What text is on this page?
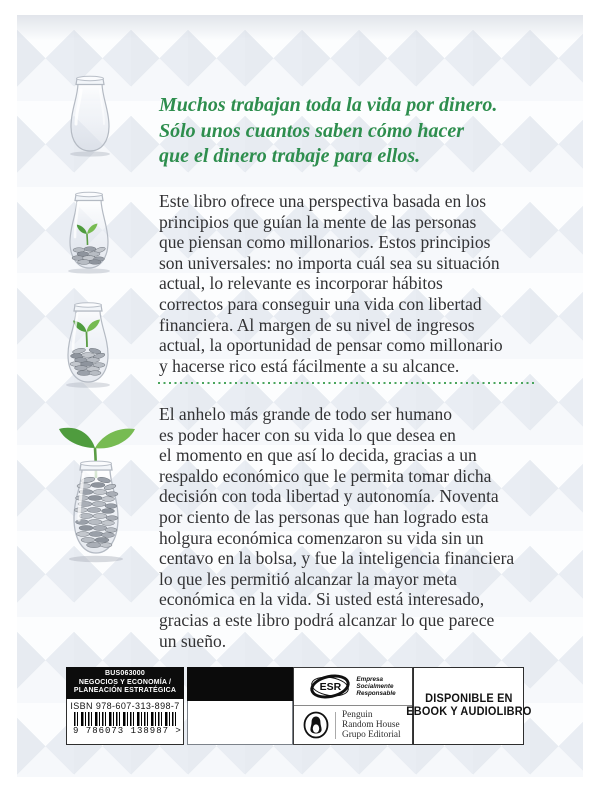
Muchos trabajan toda la vida por dinero.
Sólo unos cuantos saben cómo hacer
que el dinero trabaje para ellos.
Este libro ofrece una perspectiva basada en los
principios que guían la mente de las personas
que piensan como millonarios. Estos principios
son universales: no importa cuál sea su situación
actual, lo relevante es incorporar hábitos
correctos para conseguir una vida con libertad
financiera. Al margen de su nivel de ingresos
actual, la oportunidad de pensar como millonario
y hacerse rico está fácilmente a su alcance.
El anhelo más grande de todo ser humano
es poder hacer con su vida lo que desea en
el momento en que así lo decida, gracias a un
respaldo económico que le permita tomar dicha
decisión con toda libertad y autonomía. Noventa
por ciento de las personas que han logrado esta
holgura económica comenzaron su vida sin un
centavo en la bolsa, y fue la inteligencia financiera
lo que les permitió alcanzar la mayor meta
económica en la vida. Si usted está interesado,
gracias a este libro podrá alcanzar lo que parece
un sueño.
BUS063000
NEGOCIOS Y ECONOMÍA /
PLANEACIÓN ESTRATÉGICA
ISBN 978-607-313-898-7
9 786073 138987 >
ESR
Empresa
Socialmente
Responsable
Penguin
Random House
Grupo Editorial
DISPONIBLE EN
EBOOK Y AUDIOLIBRO
